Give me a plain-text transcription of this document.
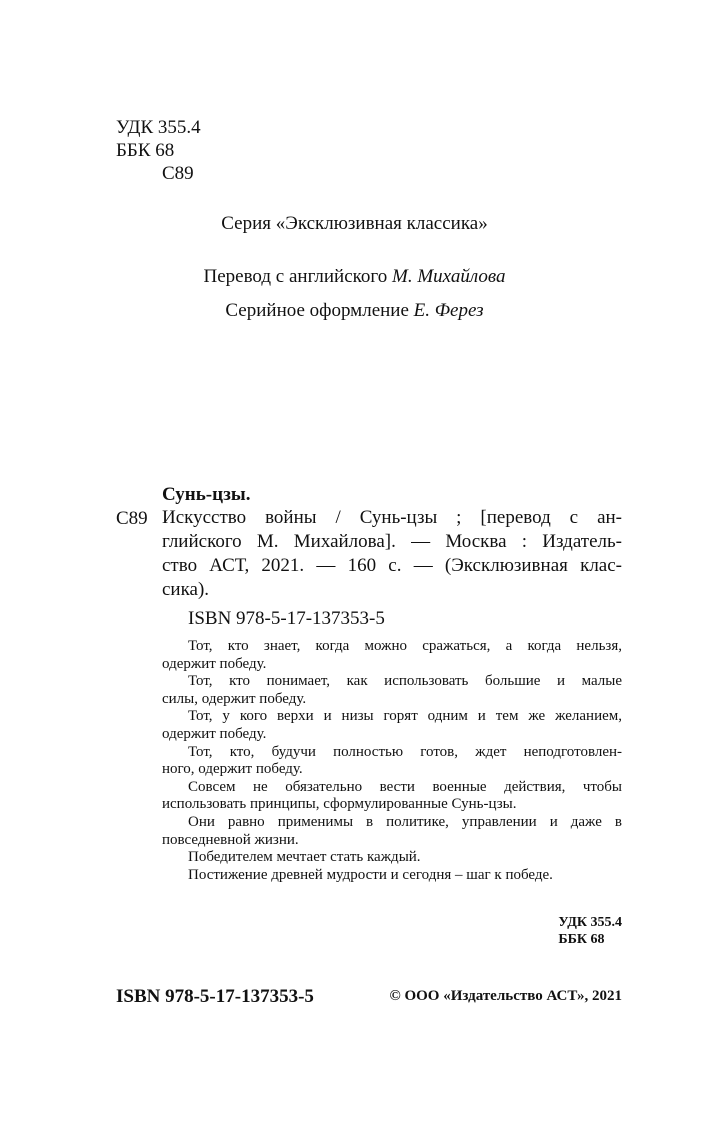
УДК 355.4
ББК 68
С89
Серия «Эксклюзивная классика»
Перевод с английского М. Михайлова
Серийное оформление Е. Ферез
Сунь-цзы.
С89 Искусство войны / Сунь-цзы ; [перевод с ан-
глийского М. Михайлова]. — Москва : Издатель-
ство АСТ, 2021. — 160 с. — (Эксклюзивная клас-
сика).
ISBN 978-5-17-137353-5
Тот, кто знает, когда можно сражаться, а когда нельзя,
одержит победу.
Тот, кто понимает, как использовать большие и малые
силы, одержит победу.
Тот, у кого верхи и низы горят одним и тем же желанием,
одержит победу.
Тот, кто, будучи полностью готов, ждет неподготовлен-
ного, одержит победу.
Совсем не обязательно вести военные действия, чтобы
использовать принципы, сформулированные Сунь-цзы.
Они равно применимы в политике, управлении и даже в
повседневной жизни.
Победителем мечтает стать каждый.
Постижение древней мудрости и сегодня – шаг к победе.
УДК 355.4
ББК 68
ISBN 978-5-17-137353-5	© ООО «Издательство АСТ», 2021
